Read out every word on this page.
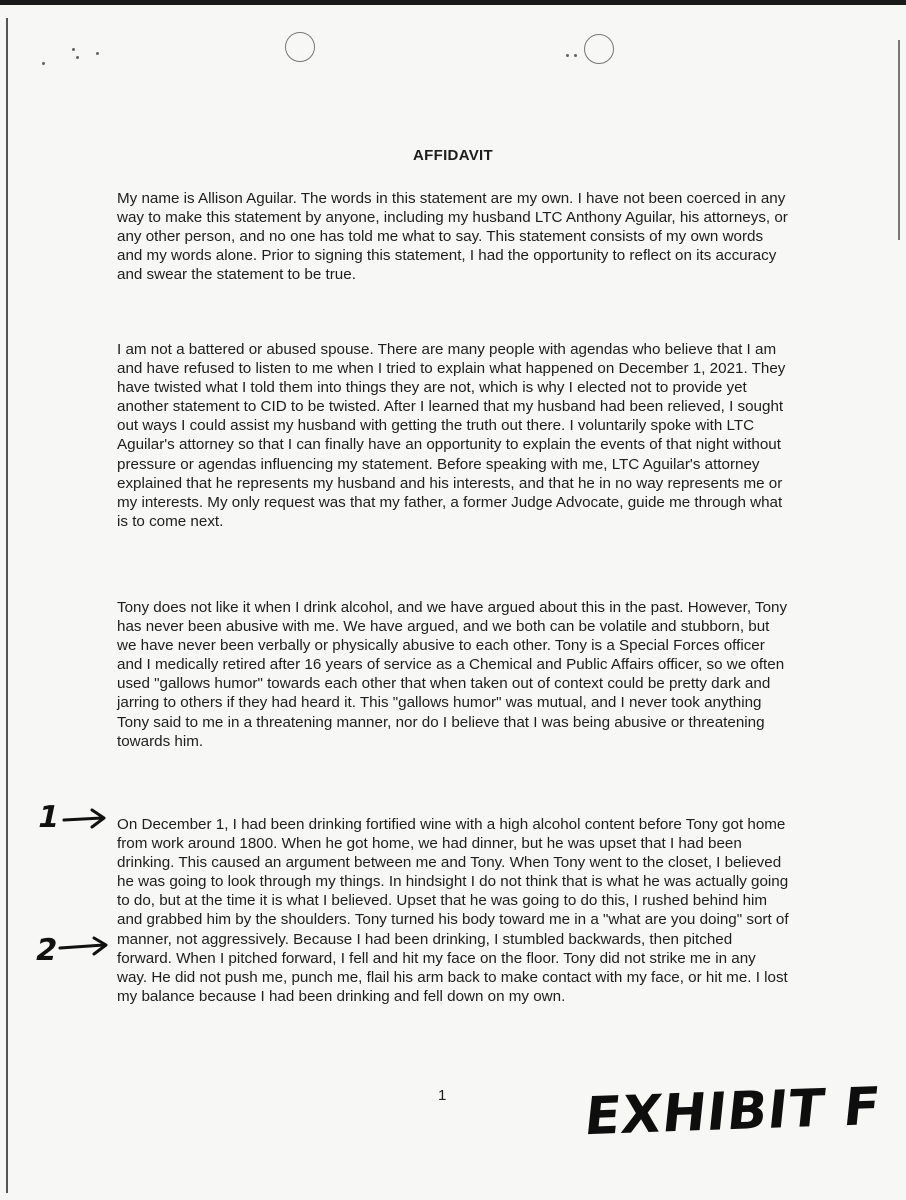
AFFIDAVIT

My name is Allison Aguilar. The words in this statement are my own. I have not been coerced in any way to make this statement by anyone, including my husband LTC Anthony Aguilar, his attorneys, or any other person, and no one has told me what to say. This statement consists of my own words and my words alone. Prior to signing this statement, I had the opportunity to reflect on its accuracy and swear the statement to be true.

I am not a battered or abused spouse. There are many people with agendas who believe that I am and have refused to listen to me when I tried to explain what happened on December 1, 2021. They have twisted what I told them into things they are not, which is why I elected not to provide yet another statement to CID to be twisted. After I learned that my husband had been relieved, I sought out ways I could assist my husband with getting the truth out there. I voluntarily spoke with LTC Aguilar's attorney so that I can finally have an opportunity to explain the events of that night without pressure or agendas influencing my statement. Before speaking with me, LTC Aguilar's attorney explained that he represents my husband and his interests, and that he in no way represents me or my interests. My only request was that my father, a former Judge Advocate, guide me through what is to come next.

Tony does not like it when I drink alcohol, and we have argued about this in the past. However, Tony has never been abusive with me. We have argued, and we both can be volatile and stubborn, but we have never been verbally or physically abusive to each other. Tony is a Special Forces officer and I medically retired after 16 years of service as a Chemical and Public Affairs officer, so we often used "gallows humor" towards each other that when taken out of context could be pretty dark and jarring to others if they had heard it. This "gallows humor" was mutual, and I never took anything Tony said to me in a threatening manner, nor do I believe that I was being abusive or threatening towards him.

On December 1, I had been drinking fortified wine with a high alcohol content before Tony got home from work around 1800. When he got home, we had dinner, but he was upset that I had been drinking. This caused an argument between me and Tony. When Tony went to the closet, I believed he was going to look through my things. In hindsight I do not think that is what he was actually going to do, but at the time it is what I believed. Upset that he was going to do this, I rushed behind him and grabbed him by the shoulders. Tony turned his body toward me in a "what are you doing" sort of manner, not aggressively. Because I had been drinking, I stumbled backwards, then pitched forward. When I pitched forward, I fell and hit my face on the floor. Tony did not strike me in any way. He did not push me, punch me, flail his arm back to make contact with my face, or hit me. I lost my balance because I had been drinking and fell down on my own.

1
2
1	EXHIBIT F
